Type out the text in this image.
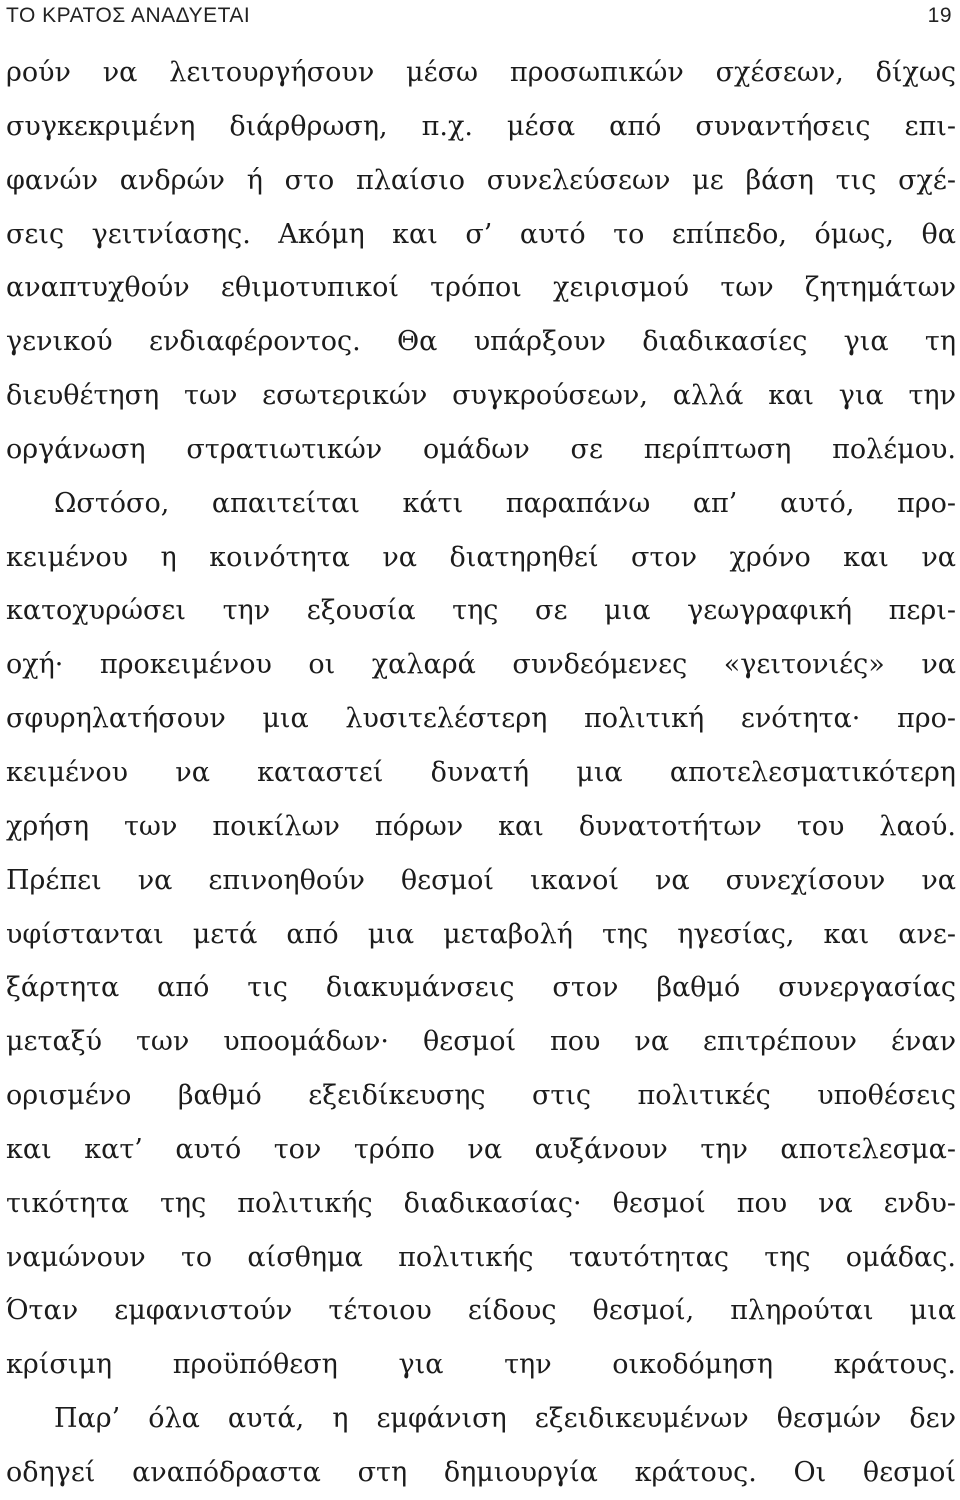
ΤΟ ΚΡΑΤΟΣ ΑΝΑΔΥΕΤΑΙ	19
ρούν να λειτουργήσουν μέσω προσωπικών σχέσεων, δίχως
συγκεκριμένη διάρθρωση, π.χ. μέσα από συναντήσεις επι-
φανών ανδρών ή στο πλαίσιο συνελεύσεων με βάση τις σχέ-
σεις γειτνίασης. Ακόμη και σ’ αυτό το επίπεδο, όμως, θα
αναπτυχθούν εθιμοτυπικοί τρόποι χειρισμού των ζητημάτων
γενικού ενδιαφέροντος. Θα υπάρξουν διαδικασίες για τη
διευθέτηση των εσωτερικών συγκρούσεων, αλλά και για την
οργάνωση στρατιωτικών ομάδων σε περίπτωση πολέμου.
Ωστόσο, απαιτείται κάτι παραπάνω απ’ αυτό, προ-
κειμένου η κοινότητα να διατηρηθεί στον χρόνο και να
κατοχυρώσει την εξουσία της σε μια γεωγραφική περι-
οχή· προκειμένου οι χαλαρά συνδεόμενες «γειτονιές» να
σφυρηλατήσουν μια λυσιτελέστερη πολιτική ενότητα· προ-
κειμένου να καταστεί δυνατή μια αποτελεσματικότερη
χρήση των ποικίλων πόρων και δυνατοτήτων του λαού.
Πρέπει να επινοηθούν θεσμοί ικανοί να συνεχίσουν να
υφίστανται μετά από μια μεταβολή της ηγεσίας, και ανε-
ξάρτητα από τις διακυμάνσεις στον βαθμό συνεργασίας
μεταξύ των υποομάδων· θεσμοί που να επιτρέπουν έναν
ορισμένο βαθμό εξειδίκευσης στις πολιτικές υποθέσεις
και κατ’ αυτό τον τρόπο να αυξάνουν την αποτελεσμα-
τικότητα της πολιτικής διαδικασίας· θεσμοί που να ενδυ-
ναμώνουν το αίσθημα πολιτικής ταυτότητας της ομάδας.
Όταν εμφανιστούν τέτοιου είδους θεσμοί, πληρούται μια
κρίσιμη προϋπόθεση για την οικοδόμηση κράτους.
Παρ’ όλα αυτά, η εμφάνιση εξειδικευμένων θεσμών δεν
οδηγεί αναπόδραστα στη δημιουργία κράτους. Οι θεσμοί
